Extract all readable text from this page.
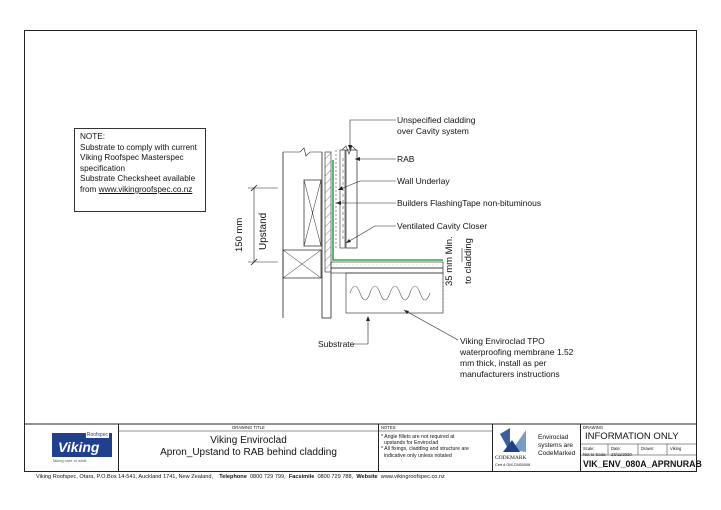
NOTE:
Substrate to comply with current
Viking Roofspec Masterspec
specification
Substrate Checksheet available
from www.vikingroofspec.co.nz
Unspecified cladding
over Cavity system
RAB
Wall Underlay
Builders FlashingTape non-bituminous
Ventilated Cavity Closer
Substrate	Viking Enviroclad TPO
waterproofing membrane 1.52
mm thick, install as per
manufacturers instructions
150 mm Upstand
35 mm Min. to cladding
Roofspec
Viking
Taking care of what
DRAWING TITLE
Viking Enviroclad
Apron_Upstand to RAB behind cladding
NOTES:
* Angle fillets are not required at
upstands for Enviroclad
* All fixings, cladding and structure are
indicative only unless notated	CODEMARK
Cert # GM-CM30008
Enviroclad
systems are
CodeMarked
DRAWING
INFORMATION ONLY
Scale:
Not to Scale
Date:
23/11/2020
Drawn:	Viking
VIK_ENV_080A_APRNURAB
Viking Roofspec, Otara, P.O.Box 14-541, Auckland 1741, New Zealand, Telephone 0800 729 799, Facsimile 0800 729 788, Website www.vikingroofspec.co.nz
